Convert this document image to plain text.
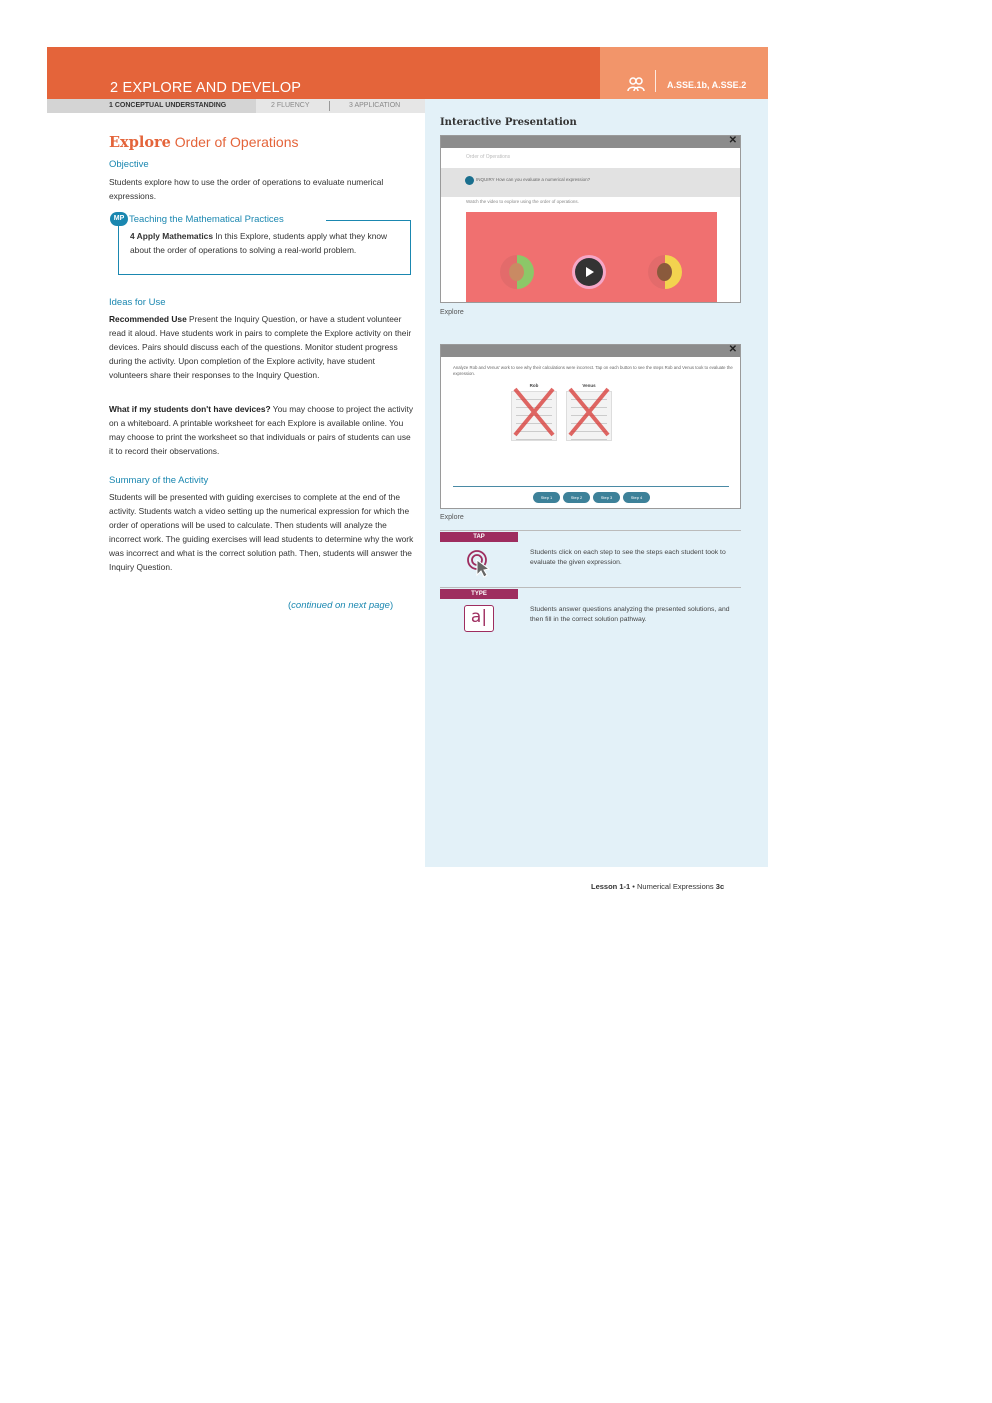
2 EXPLORE AND DEVELOP	A.SSE.1b, A.SSE.2
1 CONCEPTUAL UNDERSTANDING	2 FLUENCY	3 APPLICATION
Explore Order of Operations
Objective
Students explore how to use the order of operations to evaluate numerical expressions.
MP Teaching the Mathematical Practices
4 Apply Mathematics In this Explore, students apply what they know about the order of operations to solving a real-world problem.
Ideas for Use
Recommended Use Present the Inquiry Question, or have a student volunteer read it aloud. Have students work in pairs to complete the Explore activity on their devices. Pairs should discuss each of the questions. Monitor student progress during the activity. Upon completion of the Explore activity, have student volunteers share their responses to the Inquiry Question.
What if my students don't have devices? You may choose to project the activity on a whiteboard. A printable worksheet for each Explore is available online. You may choose to print the worksheet so that individuals or pairs of students can use it to record their observations.
Summary of the Activity
Students will be presented with guiding exercises to complete at the end of the activity. Students watch a video setting up the numerical expression for which the order of operations will be used to calculate. Then students will analyze the incorrect work. The guiding exercises will lead students to determine why the work was incorrect and what is the correct solution path. Then, students will answer the Inquiry Question.
(continued on next page)
Interactive Presentation
✕
Order of Operations
INQUIRY How can you evaluate a numerical expression?
Watch the video to explore using the order of operations.
Explore
✕
Analyze Rob and Venus' work to see why their calculations were incorrect. Tap on each button to see the steps Rob and Venus took to evaluate the expression.
Rob	Venus
Step 1	Step 2	Step 3	Step 4
Explore
TAP
Students click on each step to see the steps each student took to evaluate the given expression.
TYPE
a|	Students answer questions analyzing the presented solutions, and then fill in the correct solution pathway.
Lesson 1-1 • Numerical Expressions 3c
